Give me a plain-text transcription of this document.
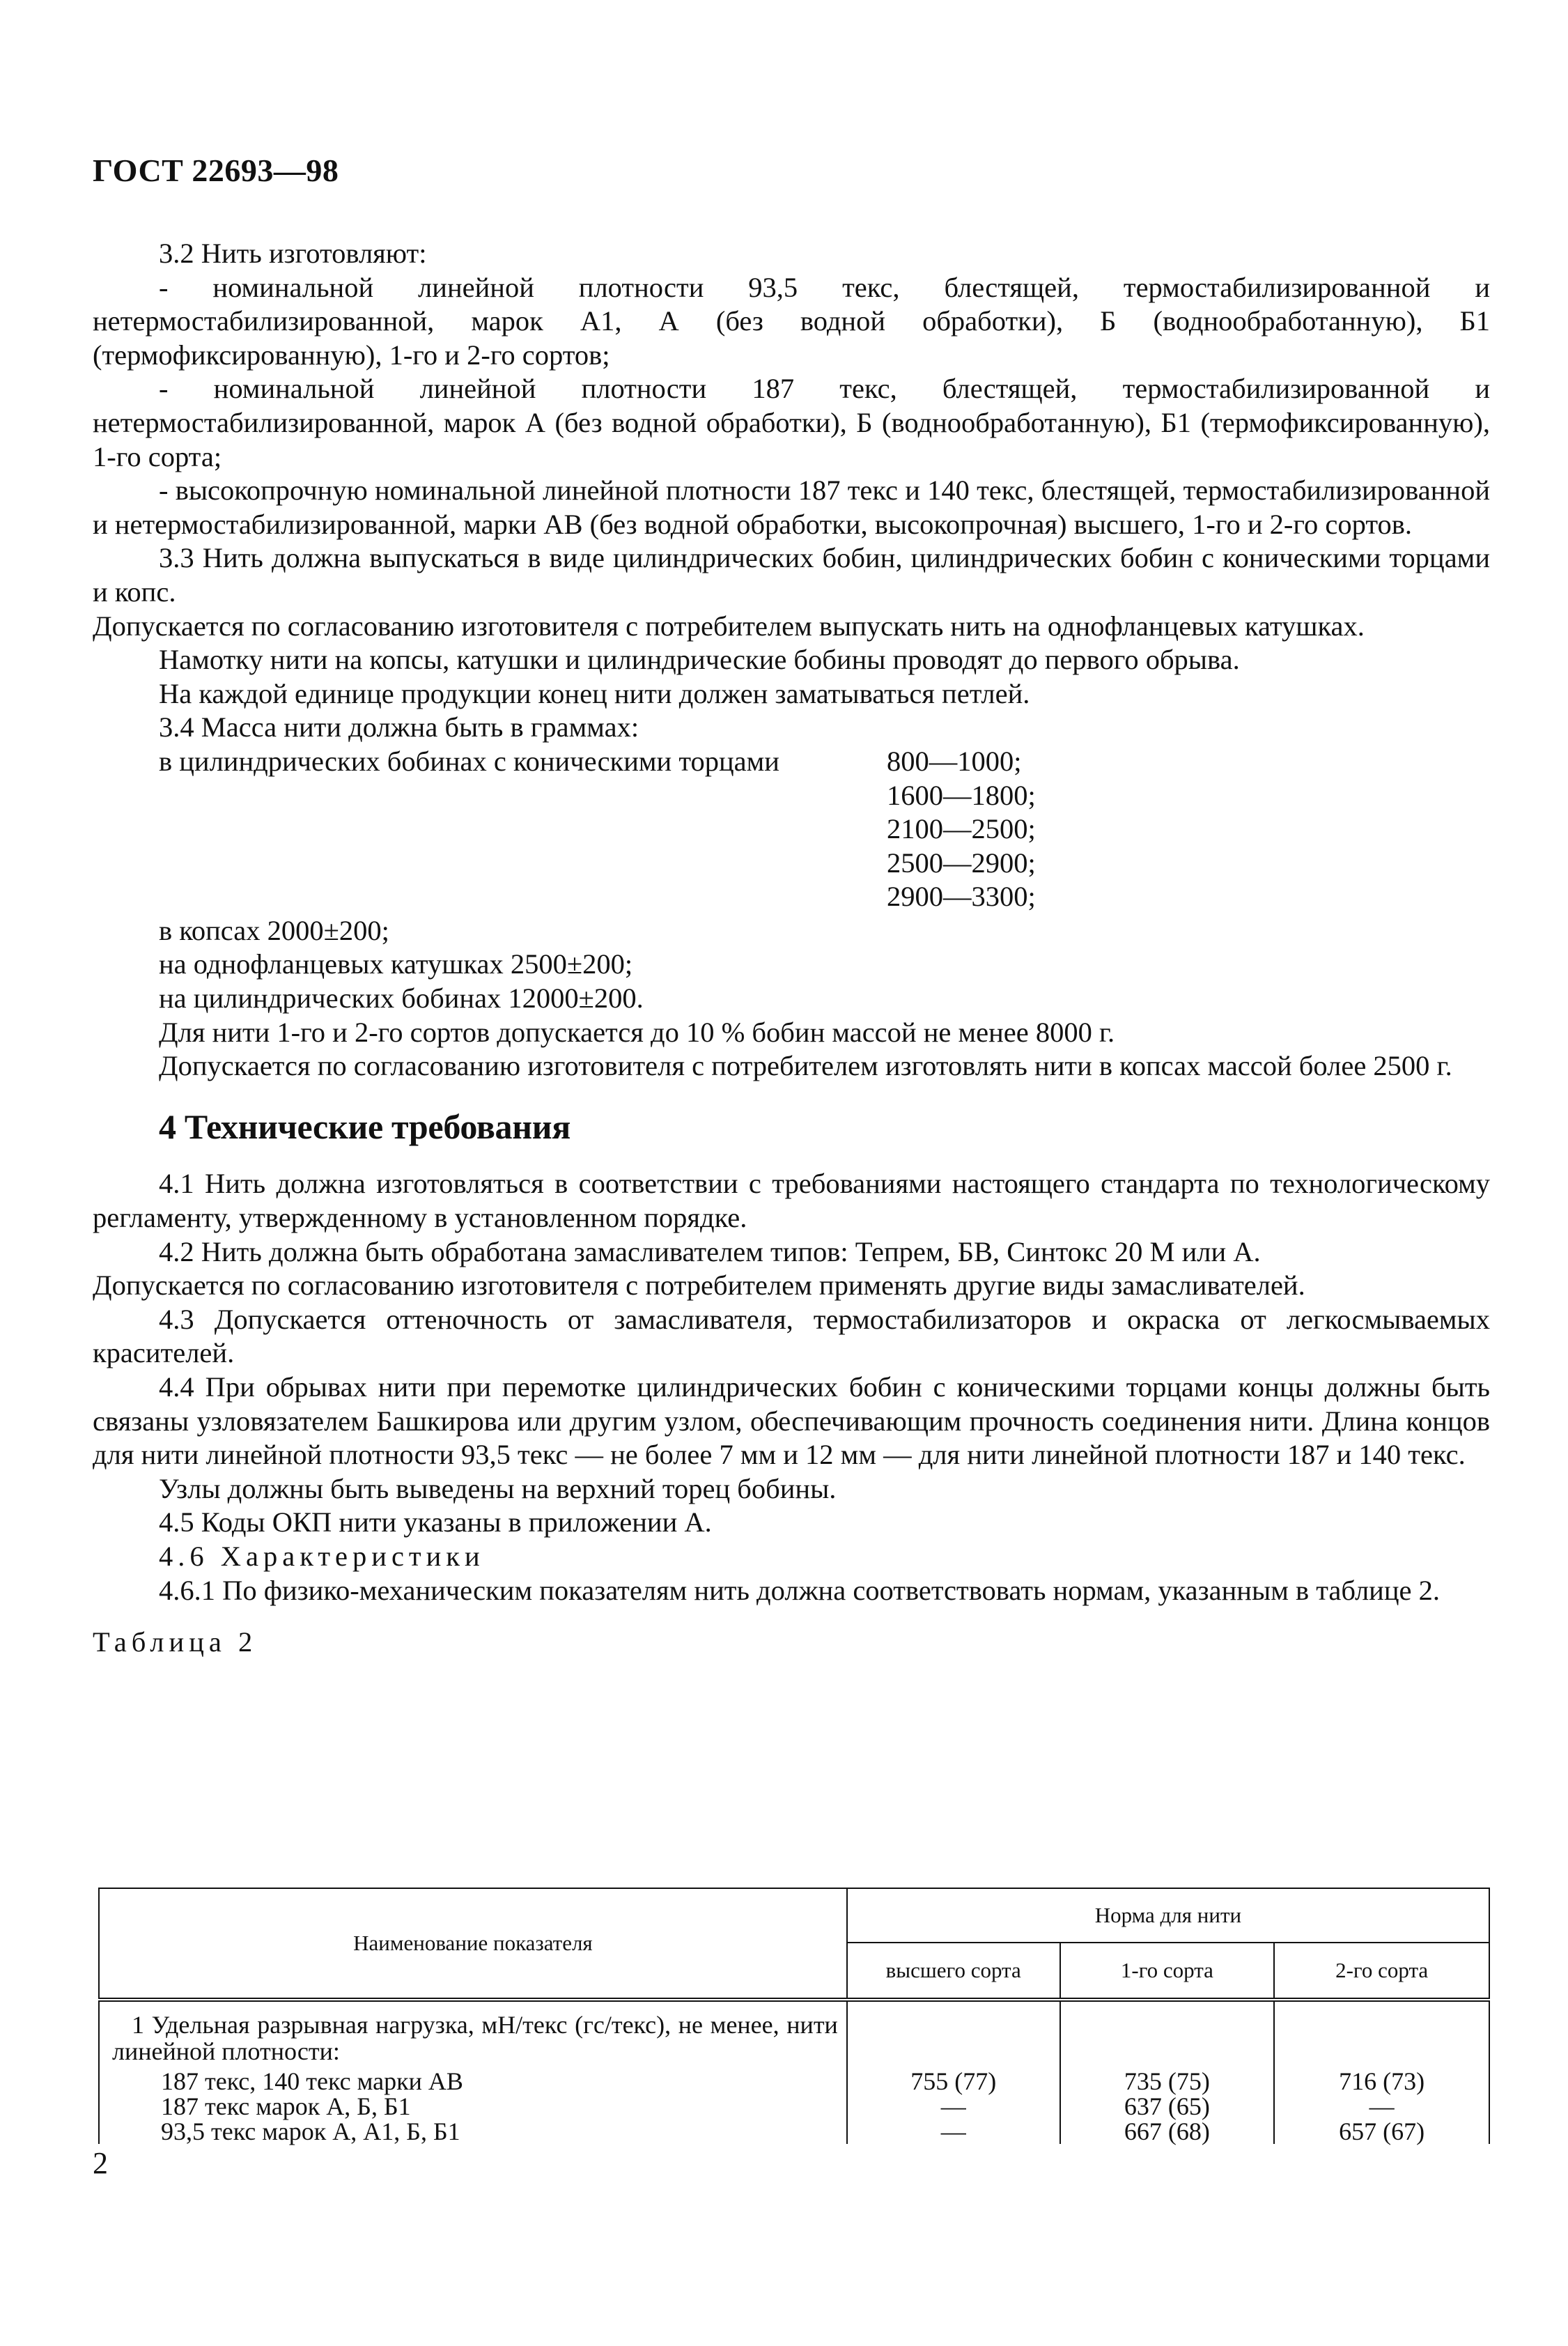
ГОСТ 22693—98

3.2 Нить изготовляют:

- номинальной линейной плотности 93,5 текс, блестящей, термостабилизированной и нетермостабилизированной, марок А1, А (без водной обработки), Б (воднообработанную), Б1 (термофиксированную), 1-го и 2-го сортов;

- номинальной линейной плотности 187 текс, блестящей, термостабилизированной и нетермостабилизированной, марок А (без водной обработки), Б (воднообработанную), Б1 (термофиксированную), 1-го сорта;

- высокопрочную номинальной линейной плотности 187 текс и 140 текс, блестящей, термостабилизированной и нетермостабилизированной, марки АВ (без водной обработки, высокопрочная) высшего, 1-го и 2-го сортов.

3.3 Нить должна выпускаться в виде цилиндрических бобин, цилиндрических бобин с коническими торцами и копс.

Допускается по согласованию изготовителя с потребителем выпускать нить на однофланцевых катушках.

Намотку нити на копсы, катушки и цилиндрические бобины проводят до первого обрыва.

На каждой единице продукции конец нити должен заматываться петлей.

3.4 Масса нити должна быть в граммах:

в цилиндрических бобинах с коническими торцами	800—1000;

1600—1800;

2100—2500;

2500—2900;

2900—3300;

в копсах 2000±200;

на однофланцевых катушках 2500±200;

на цилиндрических бобинах 12000±200.

Для нити 1-го и 2-го сортов допускается до 10 % бобин массой не менее 8000 г.

Допускается по согласованию изготовителя с потребителем изготовлять нити в копсах массой более 2500 г.

4 Технические требования

4.1 Нить должна изготовляться в соответствии с требованиями настоящего стандарта по технологическому регламенту, утвержденному в установленном порядке.

4.2 Нить должна быть обработана замасливателем типов: Тепрем, БВ, Синтокс 20 М или А.

Допускается по согласованию изготовителя с потребителем применять другие виды замасливателей.

4.3 Допускается оттеночность от замасливателя, термостабилизаторов и окраска от легкосмываемых красителей.

4.4 При обрывах нити при перемотке цилиндрических бобин с коническими торцами концы должны быть связаны узловязателем Башкирова или другим узлом, обеспечивающим прочность соединения нити. Длина концов для нити линейной плотности 93,5 текс — не более 7 мм и 12 мм — для нити линейной плотности 187 и 140 текс.

Узлы должны быть выведены на верхний торец бобины.

4.5 Коды ОКП нити указаны в приложении А.

4.6 Характеристики

4.6.1 По физико-механическим показателям нить должна соответствовать нормам, указанным в таблице 2.

Таблица 2

Наименование показателя	Норма для нити		
	высшего сорта	1-го сорта	2-го сорта
1 Удельная разрывная нагрузка, мН/текс (гс/текс), не менее, нити линейной плотности:			
187 текс, 140 текс марки АВ	755 (77)	735 (75)	716 (73)
187 текс марок А, Б, Б1	—	637 (65)	—
93,5 текс марок А, А1, Б, Б1	—	667 (68)	657 (67)
2
